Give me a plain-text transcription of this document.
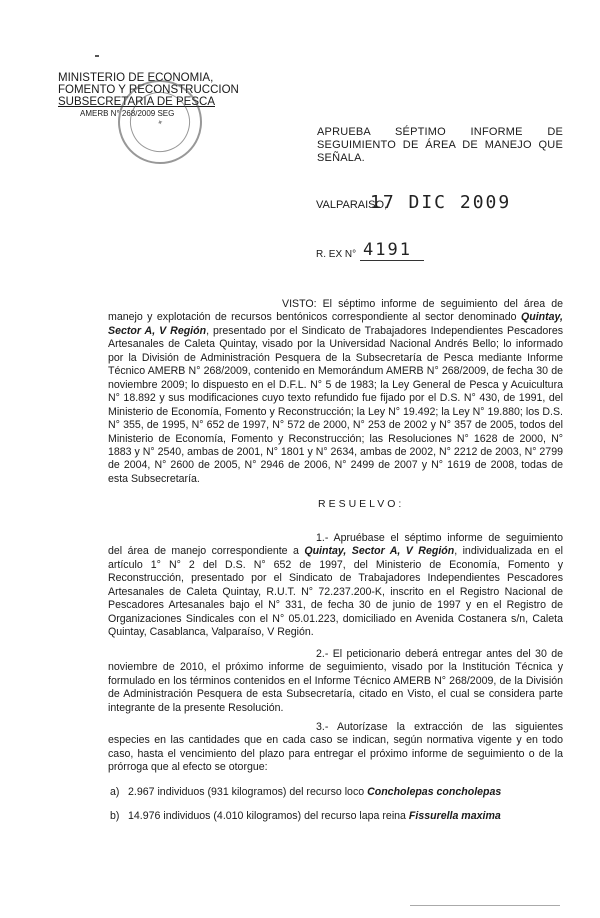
MINISTERIO DE ECONOMIA,
FOMENTO Y RECONSTRUCCION
SUBSECRETARIA DE PESCA
AMERB N° 268/2009 SEG
✦
APRUEBA SÉPTIMO INFORME DE
SEGUIMIENTO DE ÁREA DE MANEJO QUE
SEÑALA.
VALPARAISO,
17 DIC 2009
R. EX N° 4191
VISTO: El séptimo informe de seguimiento del área de manejo y explotación de recursos bentónicos correspondiente al sector denominado Quintay, Sector A, V Región, presentado por el Sindicato de Trabajadores Independientes Pescadores Artesanales de Caleta Quintay, visado por la Universidad Nacional Andrés Bello; lo informado por la División de Administración Pesquera de la Subsecretaría de Pesca mediante Informe Técnico AMERB N° 268/2009, contenido en Memorándum AMERB N° 268/2009, de fecha 30 de noviembre 2009; lo dispuesto en el D.F.L. N° 5 de 1983; la Ley General de Pesca y Acuicultura N° 18.892 y sus modificaciones cuyo texto refundido fue fijado por el D.S. N° 430, de 1991, del Ministerio de Economía, Fomento y Reconstrucción; la Ley N° 19.492; la Ley N° 19.880; los D.S. N° 355, de 1995, N° 652 de 1997, N° 572 de 2000, N° 253 de 2002 y N° 357 de 2005, todos del Ministerio de Economía, Fomento y Reconstrucción; las Resoluciones N° 1628 de 2000, N° 1883 y N° 2540, ambas de 2001, N° 1801 y N° 2634, ambas de 2002, N° 2212 de 2003, N° 2799 de 2004, N° 2600 de 2005, N° 2946 de 2006, N° 2499 de 2007 y N° 1619 de 2008, todas de esta Subsecretaría.
RESUELVO:
1.- Apruébase el séptimo informe de seguimiento del área de manejo correspondiente a Quintay, Sector A, V Región, individualizada en el artículo 1° N° 2 del D.S. N° 652 de 1997, del Ministerio de Economía, Fomento y Reconstrucción, presentado por el Sindicato de Trabajadores Independientes Pescadores Artesanales de Caleta Quintay, R.U.T. N° 72.237.200-K, inscrito en el Registro Nacional de Pescadores Artesanales bajo el N° 331, de fecha 30 de junio de 1997 y en el Registro de Organizaciones Sindicales con el N° 05.01.223, domiciliado en Avenida Costanera s/n, Caleta Quintay, Casablanca, Valparaíso, V Región.
2.- El peticionario deberá entregar antes del 30 de noviembre de 2010, el próximo informe de seguimiento, visado por la Institución Técnica y formulado en los términos contenidos en el Informe Técnico AMERB N° 268/2009, de la División de Administración Pesquera de esta Subsecretaría, citado en Visto, el cual se considera parte integrante de la presente Resolución.
3.- Autorízase la extracción de las siguientes especies en las cantidades que en cada caso se indican, según normativa vigente y en todo caso, hasta el vencimiento del plazo para entregar el próximo informe de seguimiento o de la prórroga que al efecto se otorgue:
a) 2.967 individuos (931 kilogramos) del recurso loco Concholepas concholepas
b) 14.976 individuos (4.010 kilogramos) del recurso lapa reina Fissurella maxima
